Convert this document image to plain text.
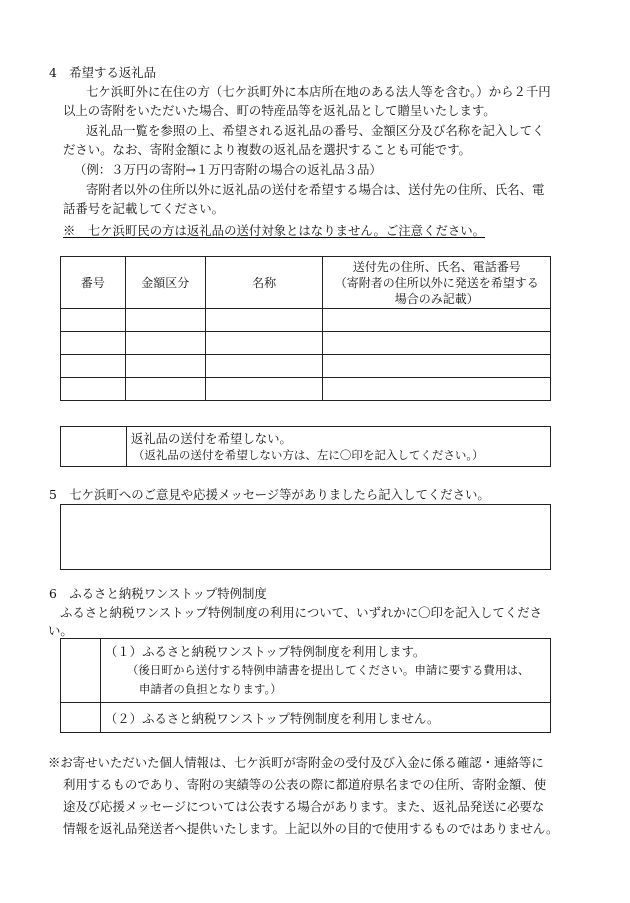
4　希望する返礼品
七ケ浜町外に在住の方（七ケ浜町外に本店所在地のある法人等を含む。）から２千円
以上の寄附をいただいた場合、町の特産品等を返礼品として贈呈いたします。
返礼品一覧を参照の上、希望される返礼品の番号、金額区分及び名称を記入してく
ださい。なお、寄附金額により複数の返礼品を選択することも可能です。
（例：３万円の寄附→１万円寄附の場合の返礼品３品）
寄附者以外の住所以外に返礼品の送付を希望する場合は、送付先の住所、氏名、電
話番号を記載してください。
※　七ケ浜町民の方は返礼品の送付対象とはなりません。ご注意ください。
番号	金額区分	名称	送付先の住所、氏名、電話番号
（寄附者の住所以外に発送を希望する
場合のみ記載）

返礼品の送付を希望しない。
（返礼品の送付を希望しない方は、左に〇印を記入してください。）
5　七ケ浜町へのご意見や応援メッセージ等がありましたら記入してください。
6　ふるさと納税ワンストップ特例制度
ふるさと納税ワンストップ特例制度の利用について、いずれかに〇印を記入してくださ
い。

	（１）ふるさと納税ワンストップ特例制度を利用します。
（後日町から送付する特例申請書を提出してください。申請に要する費用は、
申請者の負担となります。）

	（２）ふるさと納税ワンストップ特例制度を利用しません。
※お寄せいただいた個人情報は、七ケ浜町が寄附金の受付及び入金に係る確認・連絡等に
利用するものであり、寄附の実績等の公表の際に都道府県名までの住所、寄附金額、使
途及び応援メッセージについては公表する場合があります。また、返礼品発送に必要な
情報を返礼品発送者へ提供いたします。上記以外の目的で使用するものではありません。
